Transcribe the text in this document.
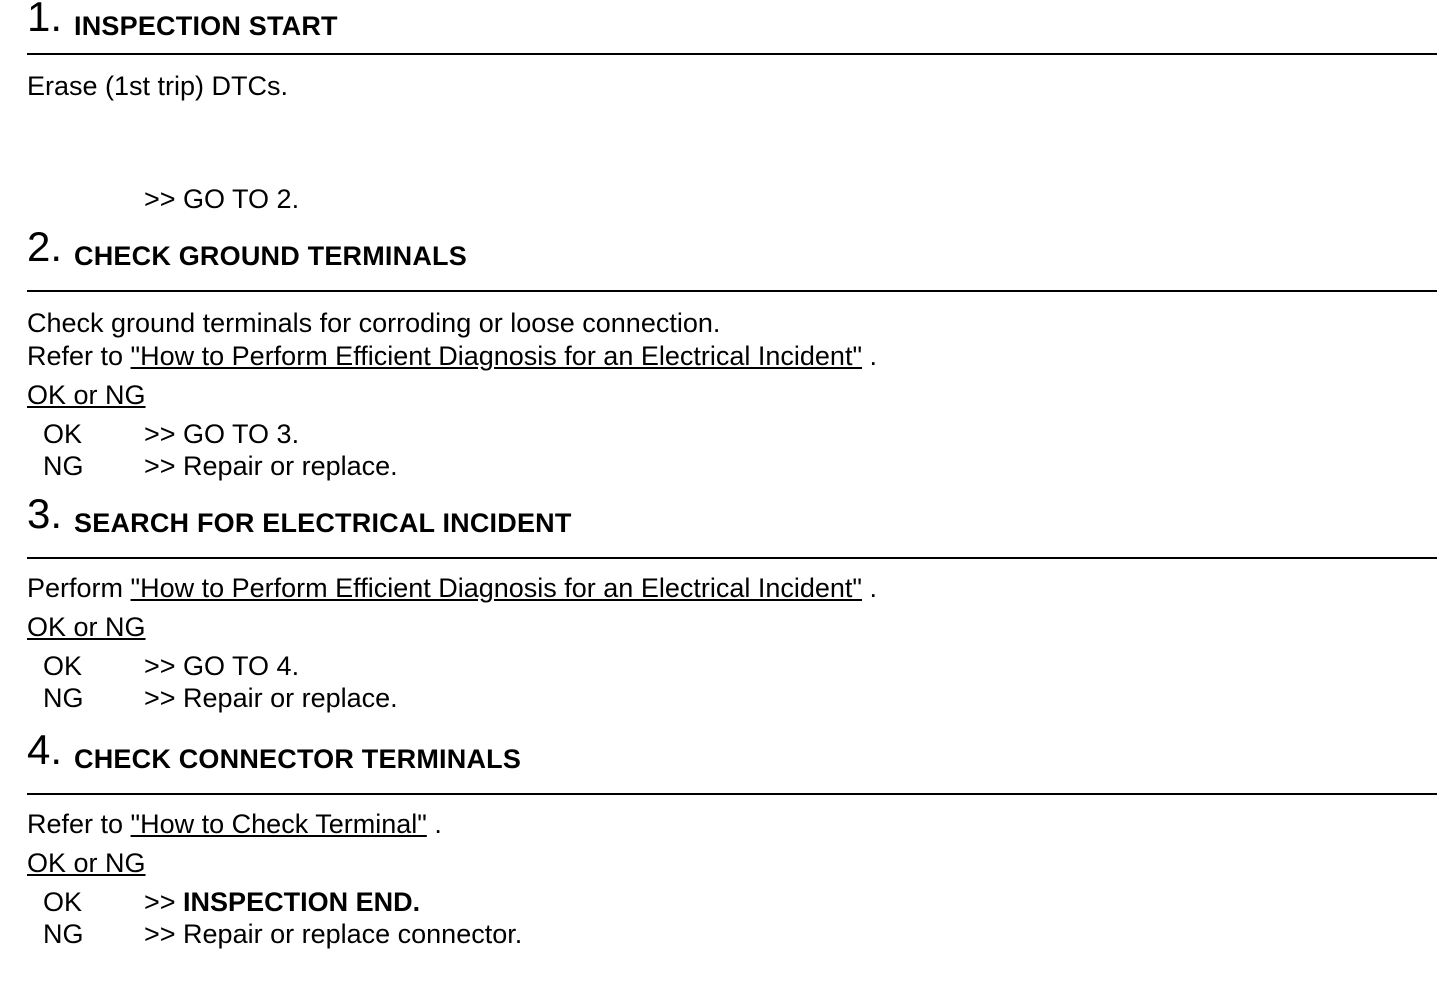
1. INSPECTION START
Erase (1st trip) DTCs.
>> GO TO 2.
2. CHECK GROUND TERMINALS
Check ground terminals for corroding or loose connection.
Refer to "How to Perform Efficient Diagnosis for an Electrical Incident" .
OK or NG
OK	>> GO TO 3.
NG	>> Repair or replace.
3. SEARCH FOR ELECTRICAL INCIDENT
Perform "How to Perform Efficient Diagnosis for an Electrical Incident" .
OK or NG
OK	>> GO TO 4.
NG	>> Repair or replace.
4. CHECK CONNECTOR TERMINALS
Refer to "How to Check Terminal" .
OK or NG
OK	>> INSPECTION END.
NG	>> Repair or replace connector.
